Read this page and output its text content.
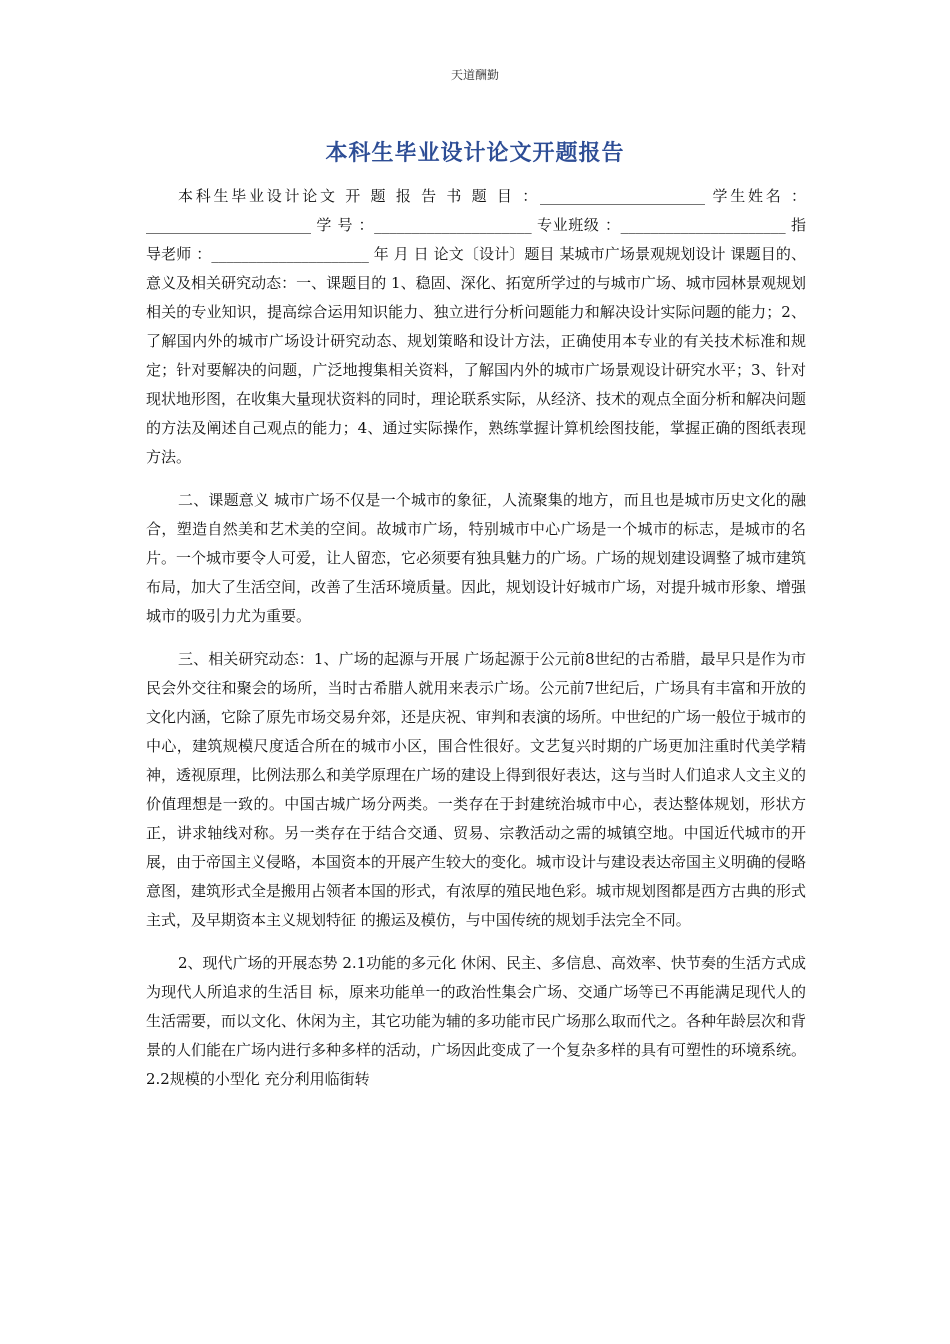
天道酬勤
本科生毕业设计论文开题报告

本科生毕业设计论文 开 题 报 告 书 题 目 ：______________________ 学生姓名 ：______________________ 学 号 ：_____________________ 专业班级 ：______________________ 指导老师 ：_____________________ 年 月 日 论文〔设计〕题目 某城市广场景观规划设计 课题目的、意义及相关研究动态：一、课题目的 1、稳固、深化、拓宽所学过的与城市广场、城市园林景观规划相关的专业知识，提高综合运用知识能力、独立进行分析问题能力和解决设计实际问题的能力；2、了解国内外的城市广场设计研究动态、规划策略和设计方法，正确使用本专业的有关技术标准和规定；针对要解决的问题，广泛地搜集相关资料，了解国内外的城市广场景观设计研究水平；3、针对现状地形图，在收集大量现状资料的同时，理论联系实际，从经济、技术的观点全面分析和解决问题的方法及阐述自己观点的能力；4、通过实际操作，熟练掌握计算机绘图技能，掌握正确的图纸表现方法。

二、课题意义 城市广场不仅是一个城市的象征，人流聚集的地方，而且也是城市历史文化的融合，塑造自然美和艺术美的空间。故城市广场，特别城市中心广场是一个城市的标志，是城市的名片。一个城市要令人可爱，让人留恋，它必须要有独具魅力的广场。广场的规划建设调整了城市建筑布局，加大了生活空间，改善了生活环境质量。因此，规划设计好城市广场，对提升城市形象、增强城市的吸引力尤为重要。

三、相关研究动态：1、广场的起源与开展 广场起源于公元前8世纪的古希腊，最早只是作为市民会外交往和聚会的场所，当时古希腊人就用来表示广场。公元前7世纪后，广场具有丰富和开放的文化内涵，它除了原先市场交易弁郊，还是庆祝、审判和表演的场所。中世纪的广场一般位于城市的中心，建筑规模尺度适合所在的城市小区，围合性很好。文艺复兴时期的广场更加注重时代美学精神，透视原理，比例法那么和美学原理在广场的建设上得到很好表达，这与当时人们追求人文主义的价值理想是一致的。中国古城广场分两类。一类存在于封建统治城市中心，表达整体规划，形状方正，讲求轴线对称。另一类存在于结合交通、贸易、宗教活动之需的城镇空地。中国近代城市的开展，由于帝国主义侵略，本国资本的开展产生较大的变化。城市设计与建设表达帝国主义明确的侵略意图，建筑形式全是搬用占领者本国的形式，有浓厚的殖民地色彩。城市规划图都是西方古典的形式主式，及早期资本主义规划特征 的搬运及模仿，与中国传统的规划手法完全不同。

2、现代广场的开展态势 2.1功能的多元化 休闲、民主、多信息、高效率、快节奏的生活方式成为现代人所追求的生活目 标，原来功能单一的政治性集会广场、交通广场等已不再能满足现代人的生活需要，而以文化、休闲为主，其它功能为辅的多功能市民广场那么取而代之。各种年龄层次和背景的人们能在广场内进行多种多样的活动，广场因此变成了一个复杂多样的具有可塑性的环境系统。 2.2规模的小型化 充分利用临街转
